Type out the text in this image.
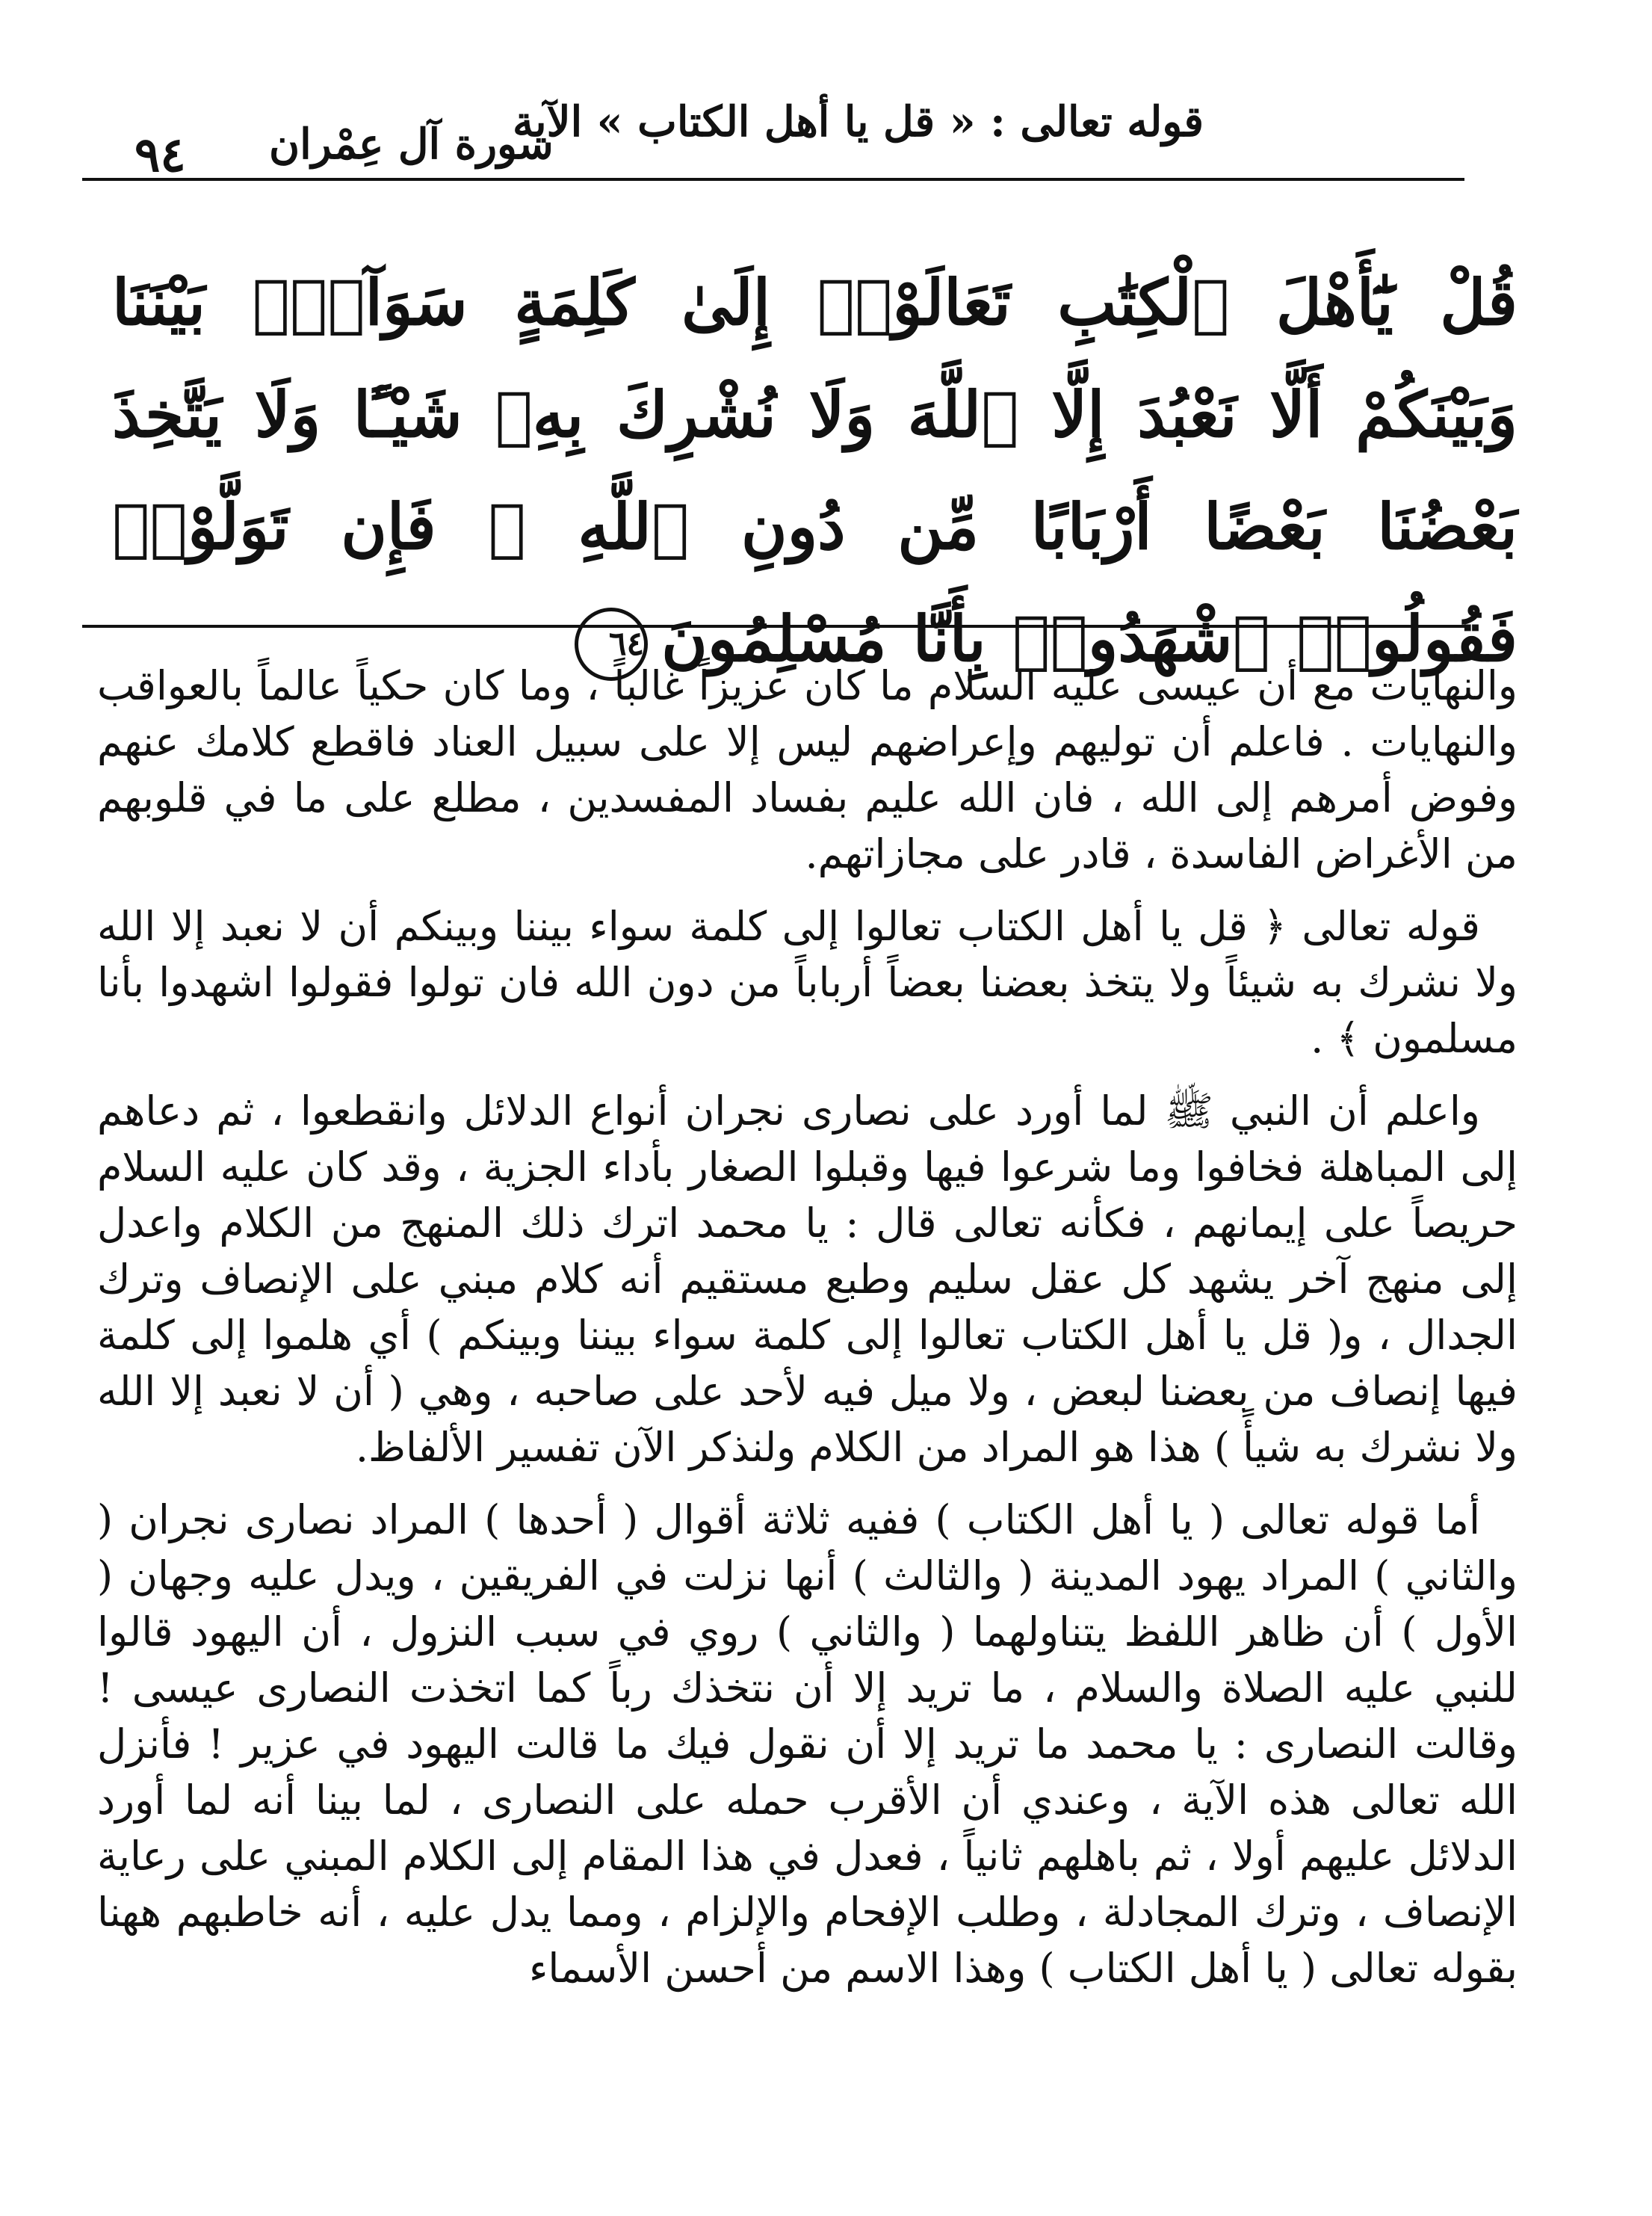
قوله تعالى : « قل يا أهل الكتاب » الآية
سورة آل عِمْران
٩٤
قُلْ يَٰٓأَهْلَ ٱلْكِتَٰبِ تَعَالَوْا۟ إِلَىٰ كَلِمَةٍ سَوَآءٍۭ بَيْنَنَا وَبَيْنَكُمْ أَلَّا نَعْبُدَ إِلَّا ٱللَّهَ وَلَا نُشْرِكَ بِهِۦ شَيْـًٔا وَلَا يَتَّخِذَ بَعْضُنَا بَعْضًا أَرْبَابًا مِّن دُونِ ٱللَّهِ ۚ فَإِن تَوَلَّوْا۟ فَقُولُوا۟ ٱشْهَدُوا۟ بِأَنَّا مُسْلِمُونَ٦٤

والنهايات مع أن عيسى عليه السلام ما كان عزيزاً غالباً ، وما كان حكياً عالماً بالعواقب والنهايات . فاعلم أن توليهم وإعراضهم ليس إلا على سبيل العناد فاقطع كلامك عنهم وفوض أمرهم إلى الله ، فان الله عليم بفساد المفسدين ، مطلع على ما في قلوبهم من الأغراض الفاسدة ، قادر على مجازاتهم.

قوله تعالى ﴿ قل يا أهل الكتاب تعالوا إلى كلمة سواء بيننا وبينكم أن لا نعبد إلا الله ولا نشرك به شيئاً ولا يتخذ بعضنا بعضاً أرباباً من دون الله فان تولوا فقولوا اشهدوا بأنا مسلمون ﴾ .

واعلم أن النبي ﷺ لما أورد على نصارى نجران أنواع الدلائل وانقطعوا ، ثم دعاهم إلى المباهلة فخافوا وما شرعوا فيها وقبلوا الصغار بأداء الجزية ، وقد كان عليه السلام حريصاً على إيمانهم ، فكأنه تعالى قال : يا محمد اترك ذلك المنهج من الكلام واعدل إلى منهج آخر يشهد كل عقل سليم وطبع مستقيم أنه كلام مبني على الإنصاف وترك الجدال ، و( قل يا أهل الكتاب تعالوا إلى كلمة سواء بيننا وبينكم ) أي هلموا إلى كلمة فيها إنصاف من بعضنا لبعض ، ولا ميل فيه لأحد على صاحبه ، وهي ( أن لا نعبد إلا الله ولا نشرك به شيأً ) هذا هو المراد من الكلام ولنذكر الآن تفسير الألفاظ.

أما قوله تعالى ( يا أهل الكتاب ) ففيه ثلاثة أقوال ( أحدها ) المراد نصارى نجران ( والثاني ) المراد يهود المدينة ( والثالث ) أنها نزلت في الفريقين ، ويدل عليه وجهان ( الأول ) أن ظاهر اللفظ يتناولهما ( والثاني ) روي في سبب النزول ، أن اليهود قالوا للنبي عليه الصلاة والسلام ، ما تريد إلا أن نتخذك رباً كما اتخذت النصارى عيسى ! وقالت النصارى : يا محمد ما تريد إلا أن نقول فيك ما قالت اليهود في عزير ! فأنزل الله تعالى هذه الآية ، وعندي أن الأقرب حمله على النصارى ، لما بينا أنه لما أورد الدلائل عليهم أولا ، ثم باهلهم ثانياً ، فعدل في هذا المقام إلى الكلام المبني على رعاية الإنصاف ، وترك المجادلة ، وطلب الإفحام والإلزام ، ومما يدل عليه ، أنه خاطبهم ههنا بقوله تعالى ( يا أهل الكتاب ) وهذا الاسم من أحسن الأسماء
